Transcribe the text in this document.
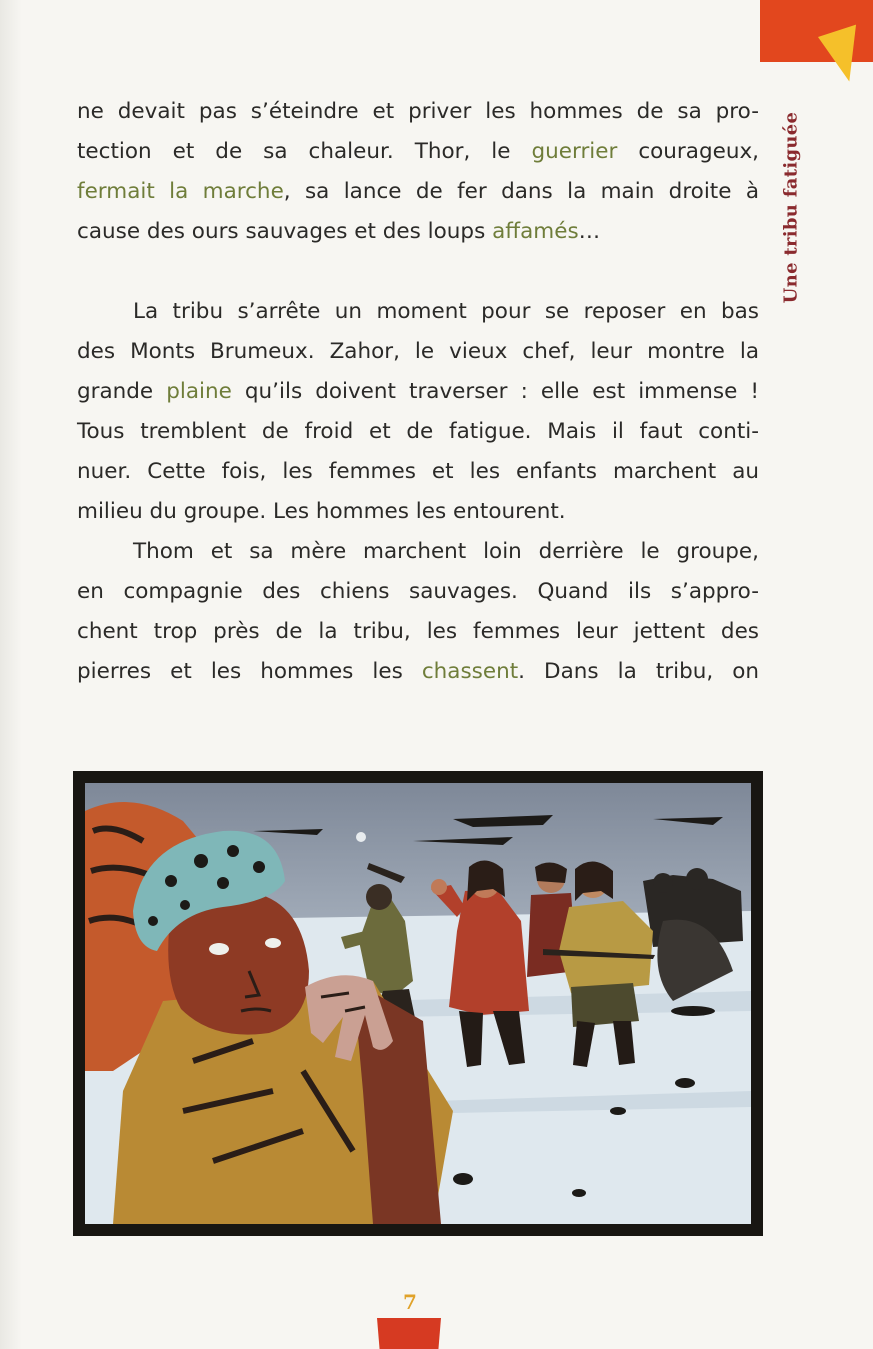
Une tribu fatiguée

ne devait pas s’éteindre et priver les hommes de sa pro-

tection et de sa chaleur. Thor, le guerrier courageux,

fermait la marche, sa lance de fer dans la main droite à

cause des ours sauvages et des loups affamés…

La tribu s’arrête un moment pour se reposer en bas

des Monts Brumeux. Zahor, le vieux chef, leur montre la

grande plaine qu’ils doivent traverser : elle est immense !

Tous tremblent de froid et de fatigue. Mais il faut conti-

nuer. Cette fois, les femmes et les enfants marchent au

milieu du groupe. Les hommes les entourent.

Thom et sa mère marchent loin derrière le groupe,

en compagnie des chiens sauvages. Quand ils s’appro-

chent trop près de la tribu, les femmes leur jettent des

pierres et les hommes les chassent. Dans la tribu, on

7
